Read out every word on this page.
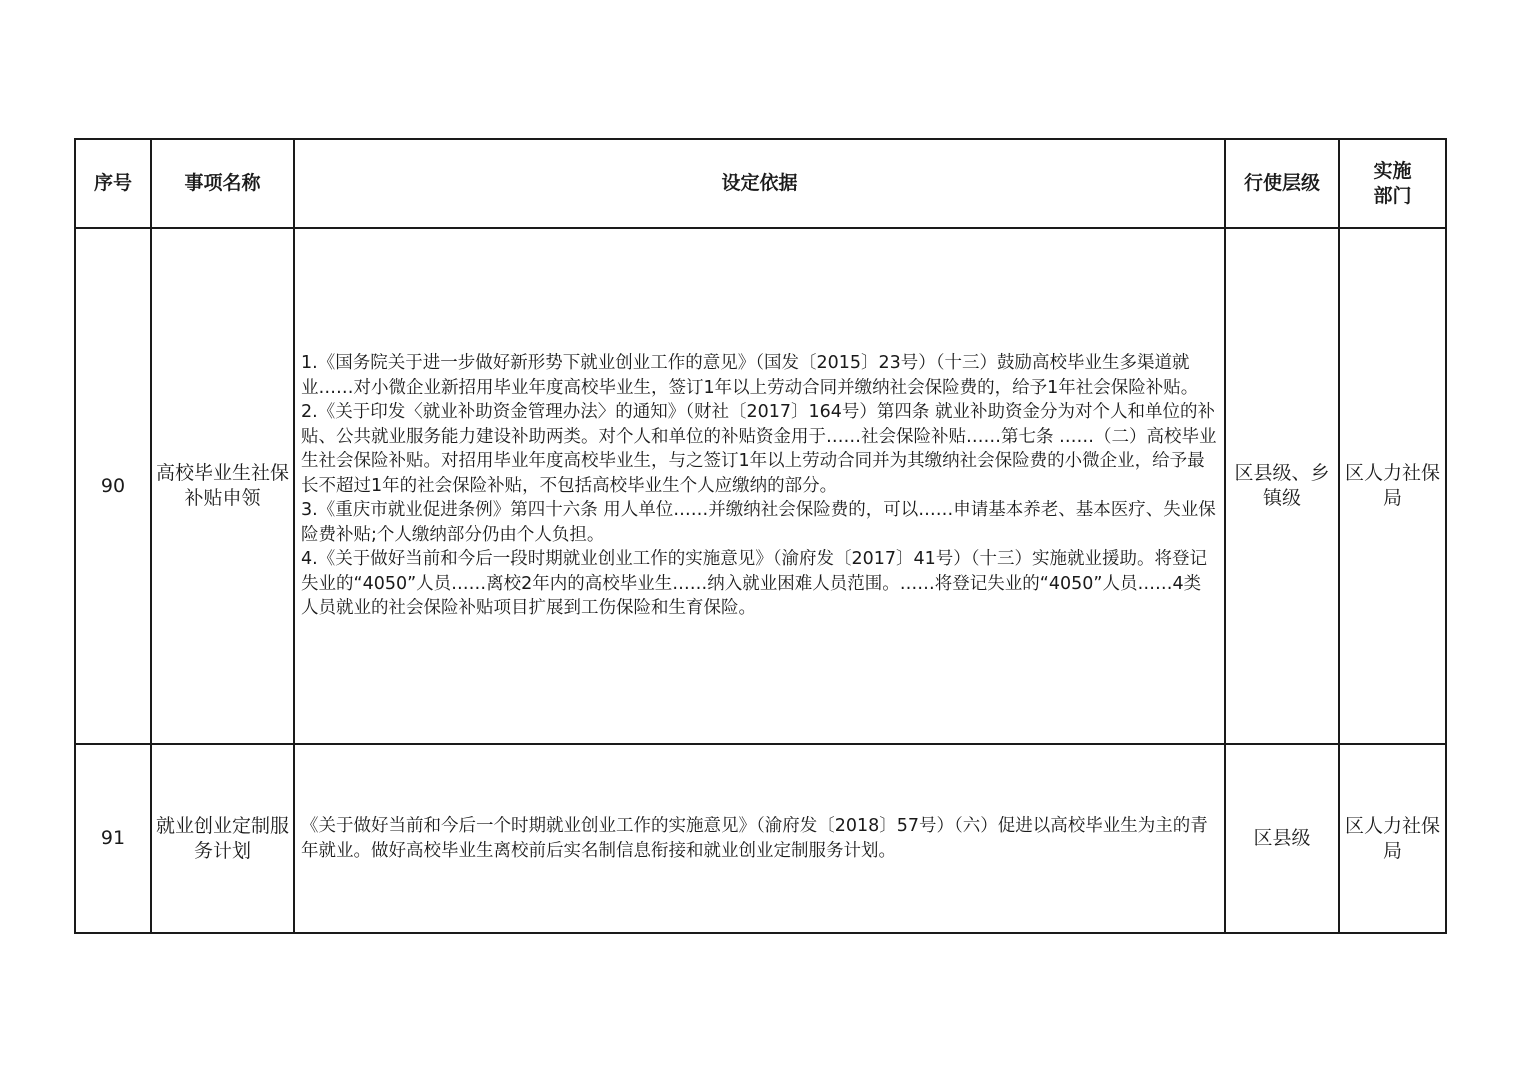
序号	事项名称	设定依据	行使层级	实施
部门
90	高校毕业生社保补贴申领	1.《国务院关于进一步做好新形势下就业创业工作的意见》（国发〔2015〕23号）（十三）鼓励高校毕业生多渠道就业……对小微企业新招用毕业年度高校毕业生，签订1年以上劳动合同并缴纳社会保险费的，给予1年社会保险补贴。
2.《关于印发〈就业补助资金管理办法〉的通知》（财社〔2017〕164号）第四条 就业补助资金分为对个人和单位的补贴、公共就业服务能力建设补助两类。对个人和单位的补贴资金用于……社会保险补贴……第七条 ……（二）高校毕业生社会保险补贴。对招用毕业年度高校毕业生，与之签订1年以上劳动合同并为其缴纳社会保险费的小微企业，给予最长不超过1年的社会保险补贴，不包括高校毕业生个人应缴纳的部分。
3.《重庆市就业促进条例》第四十六条 用人单位……并缴纳社会保险费的，可以……申请基本养老、基本医疗、失业保险费补贴;个人缴纳部分仍由个人负担。
4.《关于做好当前和今后一段时期就业创业工作的实施意见》（渝府发〔2017〕41号）（十三）实施就业援助。将登记失业的“4050”人员……离校2年内的高校毕业生……纳入就业困难人员范围。……将登记失业的“4050”人员……4类人员就业的社会保险补贴项目扩展到工伤保险和生育保险。	区县级、乡镇级	区人力社保局
91	就业创业定制服务计划	《关于做好当前和今后一个时期就业创业工作的实施意见》（渝府发〔2018〕57号）（六）促进以高校毕业生为主的青年就业。做好高校毕业生离校前后实名制信息衔接和就业创业定制服务计划。	区县级	区人力社保局
